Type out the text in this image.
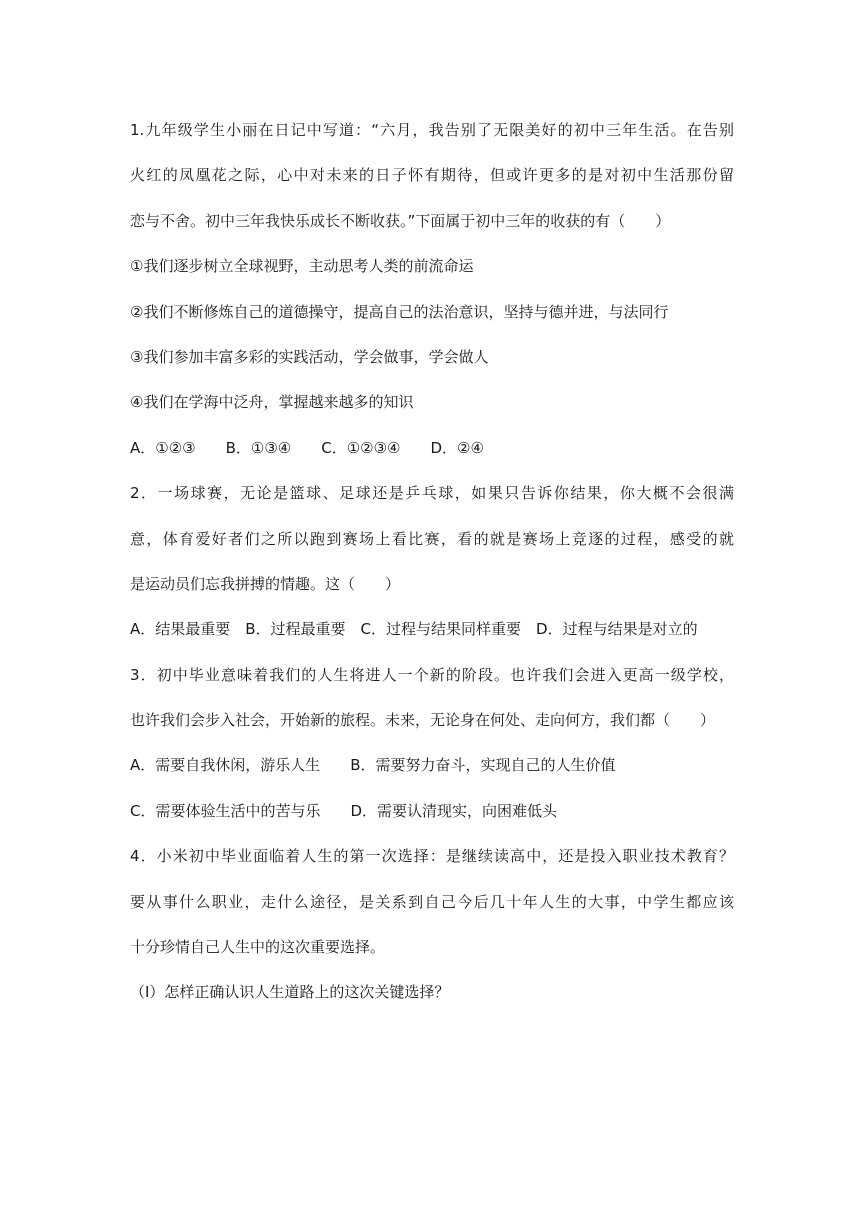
1.九年级学生小丽在日记中写道：“六月，我告别了无限美好的初中三年生活。在告别
火红的凤凰花之际，心中对未来的日子怀有期待，但或许更多的是对初中生活那份留
恋与不舍。初中三年我快乐成长不断收获。”下面属于初中三年的收获的有（　　）
①我们逐步树立全球视野，主动思考人类的前流命运
②我们不断修炼自己的道德操守，提高自己的法治意识，坚持与德并进，与法同行
③我们参加丰富多彩的实践活动，学会做事，学会做人
④我们在学海中泛舟，掌握越来越多的知识
A．①②③　　B．①③④　　C．①②③④　　D．②④
2．一场球赛，无论是篮球、足球还是乒乓球，如果只告诉你结果，你大概不会很满
意，体育爱好者们之所以跑到赛场上看比赛，看的就是赛场上竞逐的过程，感受的就
是运动员们忘我拼搏的情趣。这（　　）
A．结果最重要　B．过程最重要　C．过程与结果同样重要　D．过程与结果是对立的
3．初中毕业意味着我们的人生将进人一个新的阶段。也许我们会进入更高一级学校，
也许我们会步入社会，开始新的旅程。未来，无论身在何处、走向何方，我们都（　　）
A．需要自我休闲，游乐人生　　B．需要努力奋斗，实现自己的人生价值
C．需要体验生活中的苦与乐　　D．需要认清现实，向困难低头
4．小米初中毕业面临着人生的第一次选择：是继续读高中，还是投入职业技术教育？
要从事什么职业，走什么途径，是关系到自己今后几十年人生的大事，中学生都应该
十分珍情自己人生中的这次重要选择。
（Ⅰ）怎样正确认识人生道路上的这次关键选择？
